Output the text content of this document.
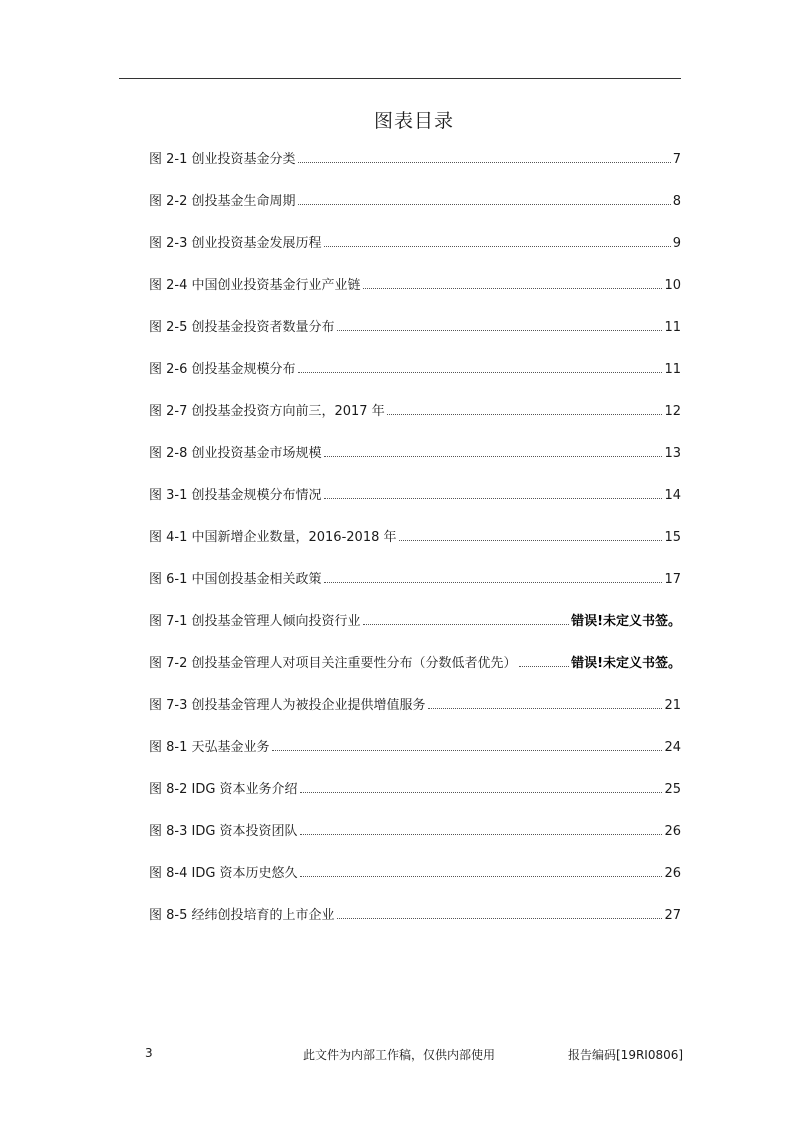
图表目录
图 2-1 创业投资基金分类	7
图 2-2 创投基金生命周期	8
图 2-3 创业投资基金发展历程	9
图 2-4 中国创业投资基金行业产业链	10
图 2-5 创投基金投资者数量分布	11
图 2-6 创投基金规模分布	11
图 2-7 创投基金投资方向前三，2017 年	12
图 2-8 创业投资基金市场规模	13
图 3-1 创投基金规模分布情况	14
图 4-1 中国新增企业数量，2016-2018 年	15
图 6-1 中国创投基金相关政策	17
图 7-1 创投基金管理人倾向投资行业	错误!未定义书签。
图 7-2 创投基金管理人对项目关注重要性分布（分数低者优先）	错误!未定义书签。
图 7-3 创投基金管理人为被投企业提供增值服务	21
图 8-1 天弘基金业务	24
图 8-2 IDG 资本业务介绍	25
图 8-3 IDG 资本投资团队	26
图 8-4 IDG 资本历史悠久	26
图 8-5 经纬创投培育的上市企业	27
3	此文件为内部工作稿，仅供内部使用	报告编码[19RI0806]
